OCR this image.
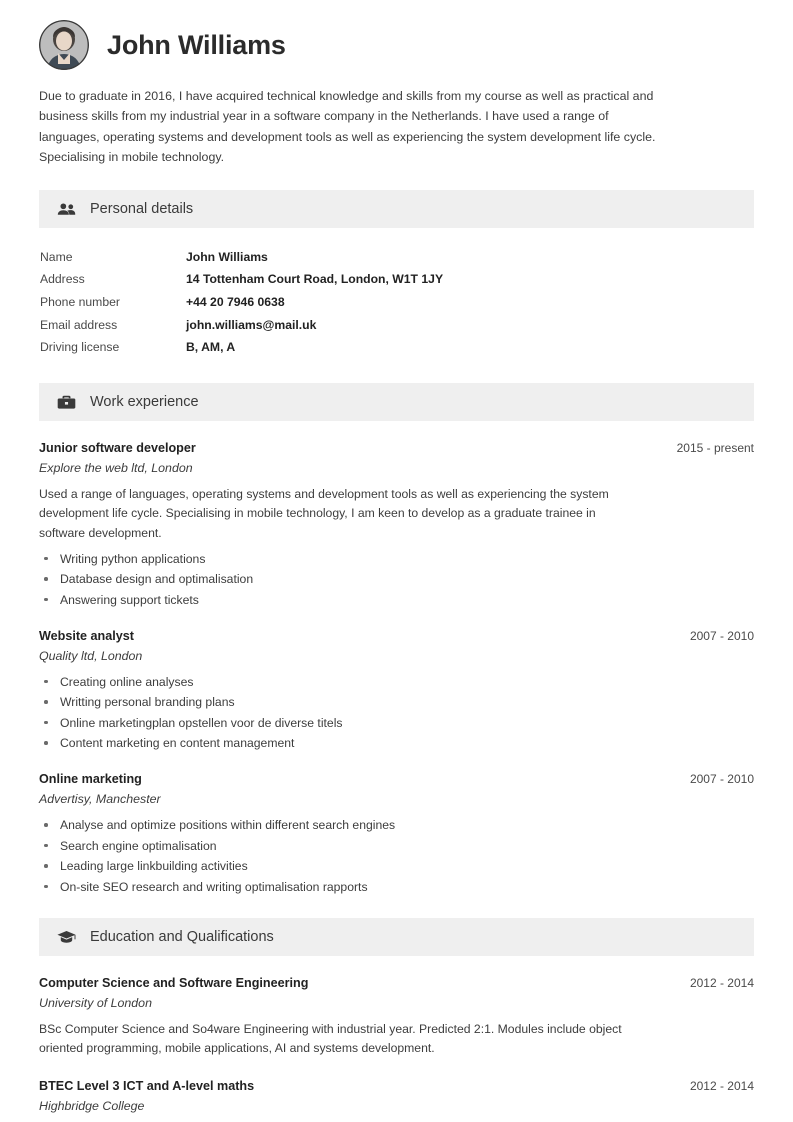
John Williams
Due to graduate in 2016, I have acquired technical knowledge and skills from my course as well as practical and business skills from my industrial year in a software company in the Netherlands. I have used a range of languages, operating systems and development tools as well as experiencing the system development life cycle. Specialising in mobile technology.
Personal details
Name	John Williams
Address	14 Tottenham Court Road, London, W1T 1JY
Phone number	+44 20 7946 0638
Email address	john.williams@mail.uk
Driving license	B, AM, A
Work experience
Junior software developer	2015 - present
Explore the web ltd, London
Used a range of languages, operating systems and development tools as well as experiencing the system development life cycle. Specialising in mobile technology, I am keen to develop as a graduate trainee in software development.
Writing python applications
Database design and optimalisation
Answering support tickets
Website analyst	2007 - 2010
Quality ltd, London
Creating online analyses
Writting personal branding plans
Online marketingplan opstellen voor de diverse titels
Content marketing en content management
Online marketing	2007 - 2010
Advertisy, Manchester
Analyse and optimize positions within different search engines
Search engine optimalisation
Leading large linkbuilding activities
On-site SEO research and writing optimalisation rapports
Education and Qualifications
Computer Science and Software Engineering	2012 - 2014
University of London
BSc Computer Science and So4ware Engineering with industrial year. Predicted 2:1. Modules include object oriented programming, mobile applications, AI and systems development.
BTEC Level 3 ICT and A-level maths	2012 - 2014
Highbridge College
